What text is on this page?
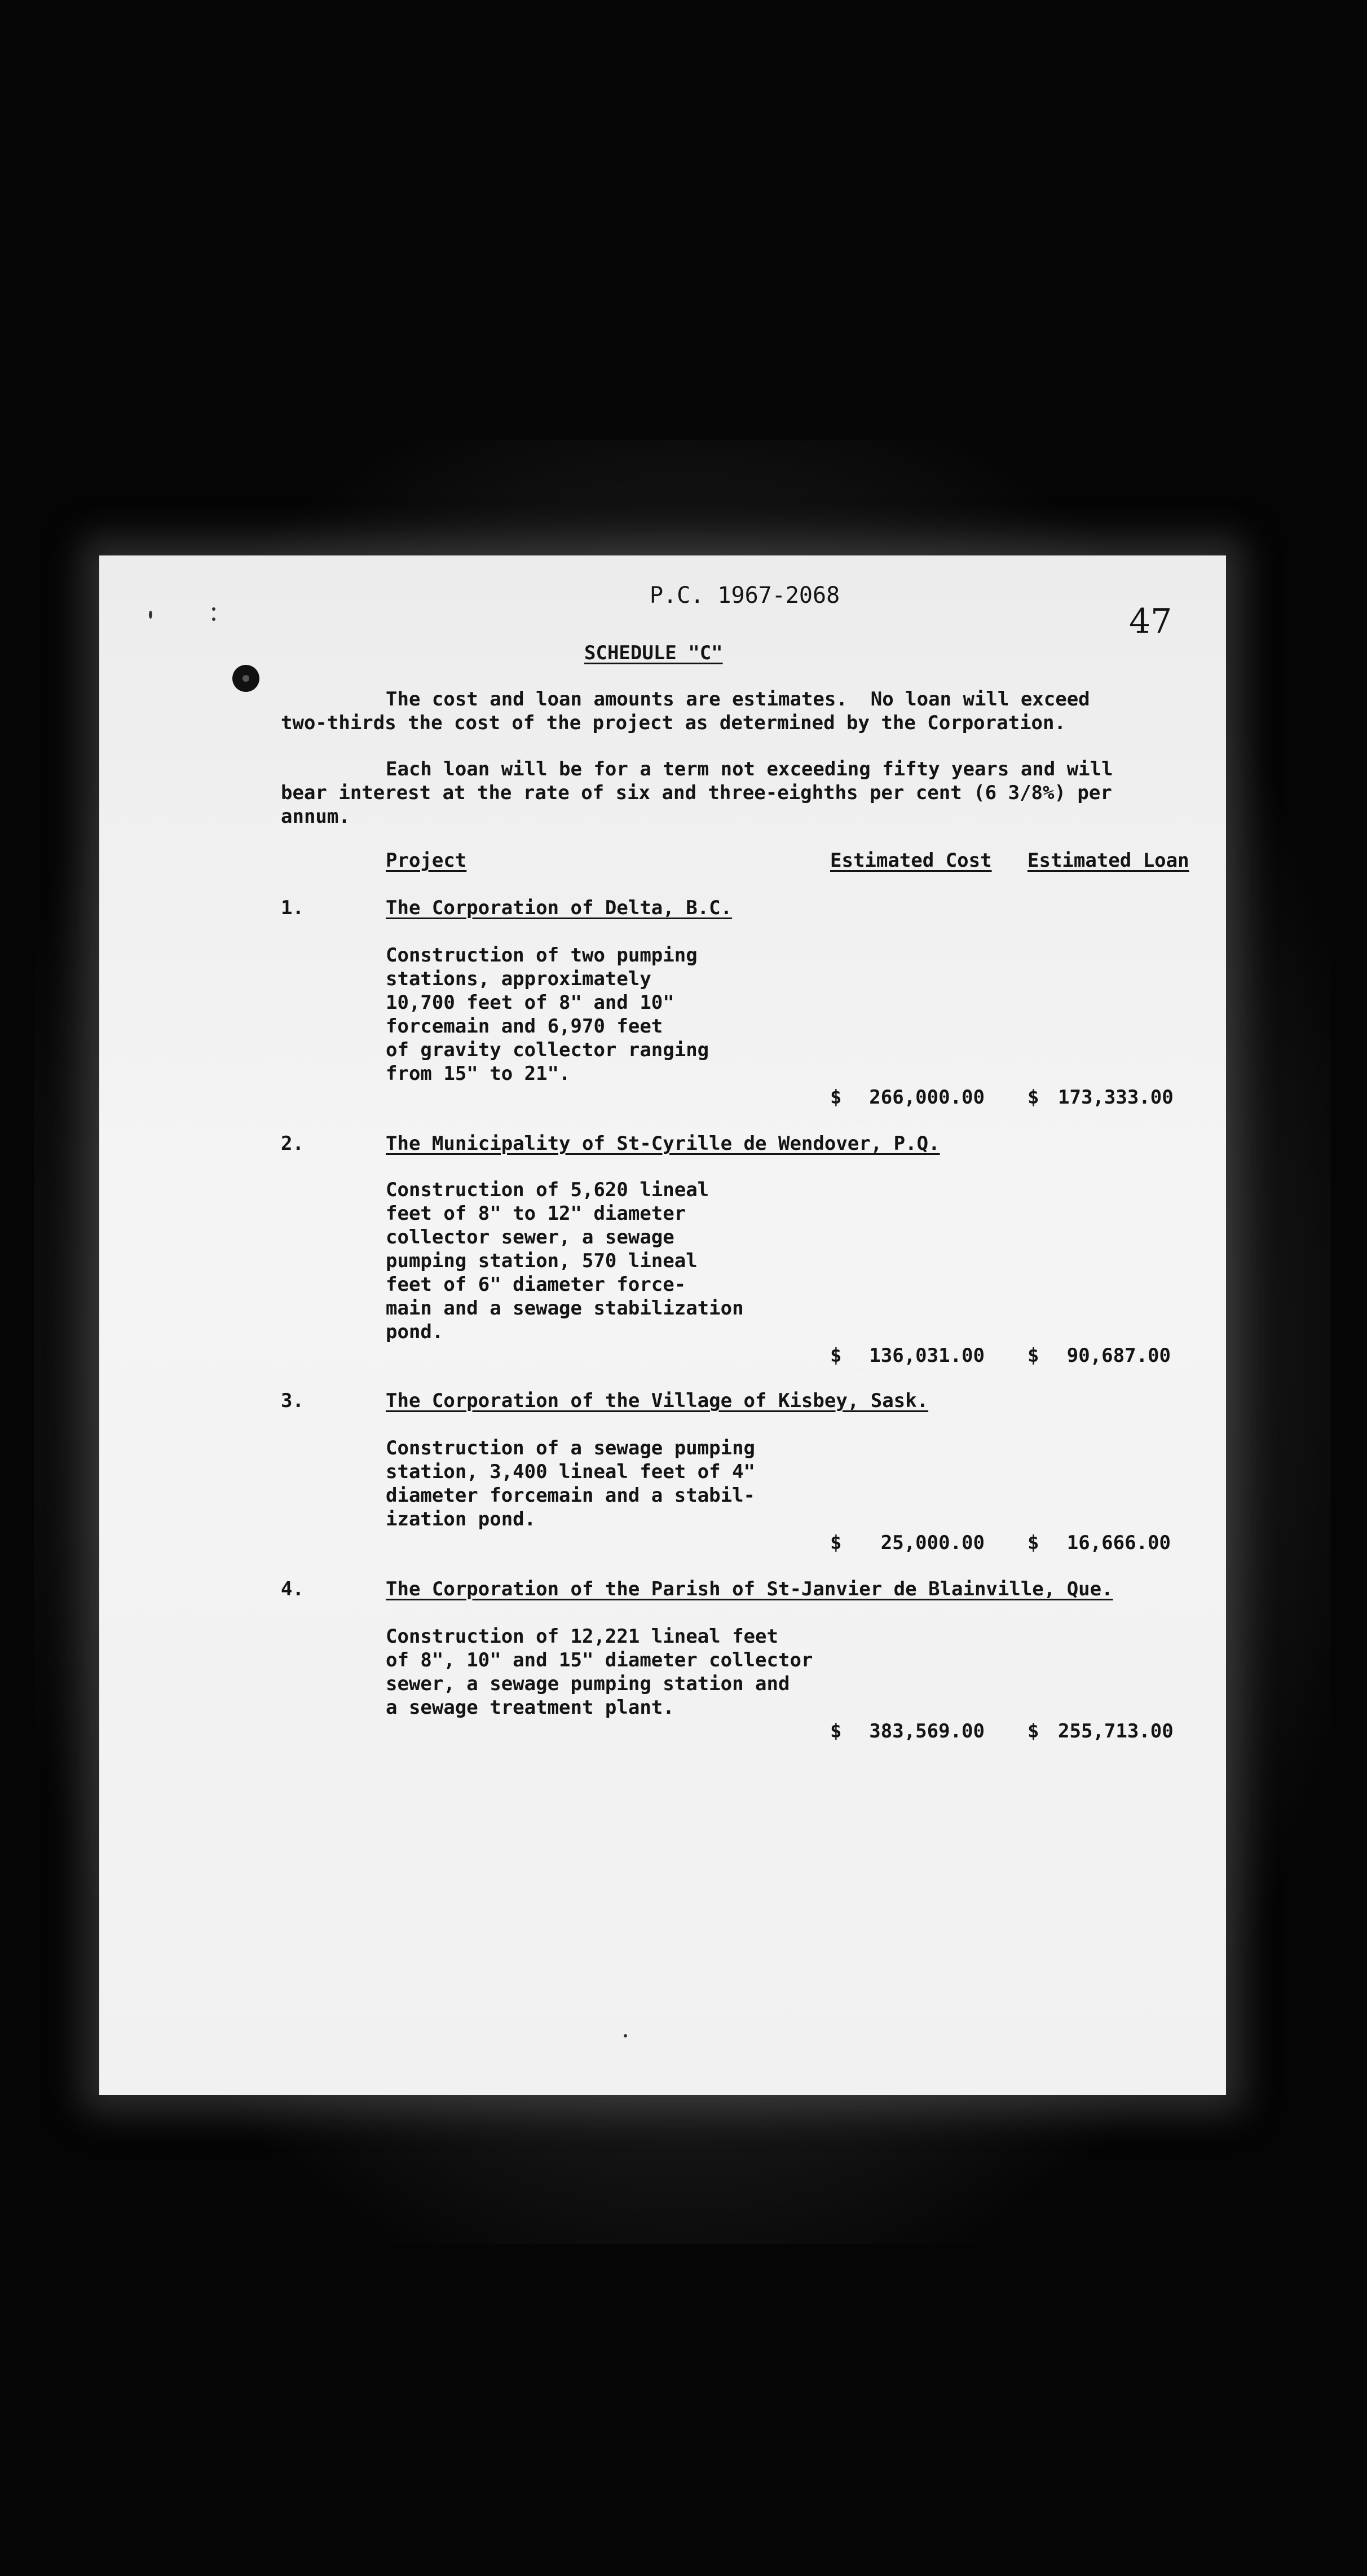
P.C. 1967-2068
47
SCHEDULE "C"
The cost and loan amounts are estimates.  No loan will exceed
two-thirds the cost of the project as determined by the Corporation.
Each loan will be for a term not exceeding fifty years and will
bear interest at the rate of six and three-eighths per cent (6 3/8%) per
annum.
Project	Estimated Cost Estimated Loan
1.	The Corporation of Delta, B.C.
Construction of two pumping
stations, approximately
10,700 feet of 8" and 10"
forcemain and 6,970 feet
of gravity collector ranging
from 15" to 21".
$	266,000.00 $ 173,333.00
2.	The Municipality of St-Cyrille de Wendover, P.Q.
Construction of 5,620 lineal
feet of 8" to 12" diameter
collector sewer, a sewage
pumping station, 570 lineal
feet of 6" diameter force-
main and a sewage stabilization
pond.
$	136,031.00 $	90,687.00
3.	The Corporation of the Village of Kisbey, Sask.
Construction of a sewage pumping
station, 3,400 lineal feet of 4"
diameter forcemain and a stabil-
ization pond.
$	25,000.00 $	16,666.00
4.	The Corporation of the Parish of St-Janvier de Blainville, Que.
Construction of 12,221 lineal feet
of 8", 10" and 15" diameter collector
sewer, a sewage pumping station and
a sewage treatment plant.
$	383,569.00 $ 255,713.00
